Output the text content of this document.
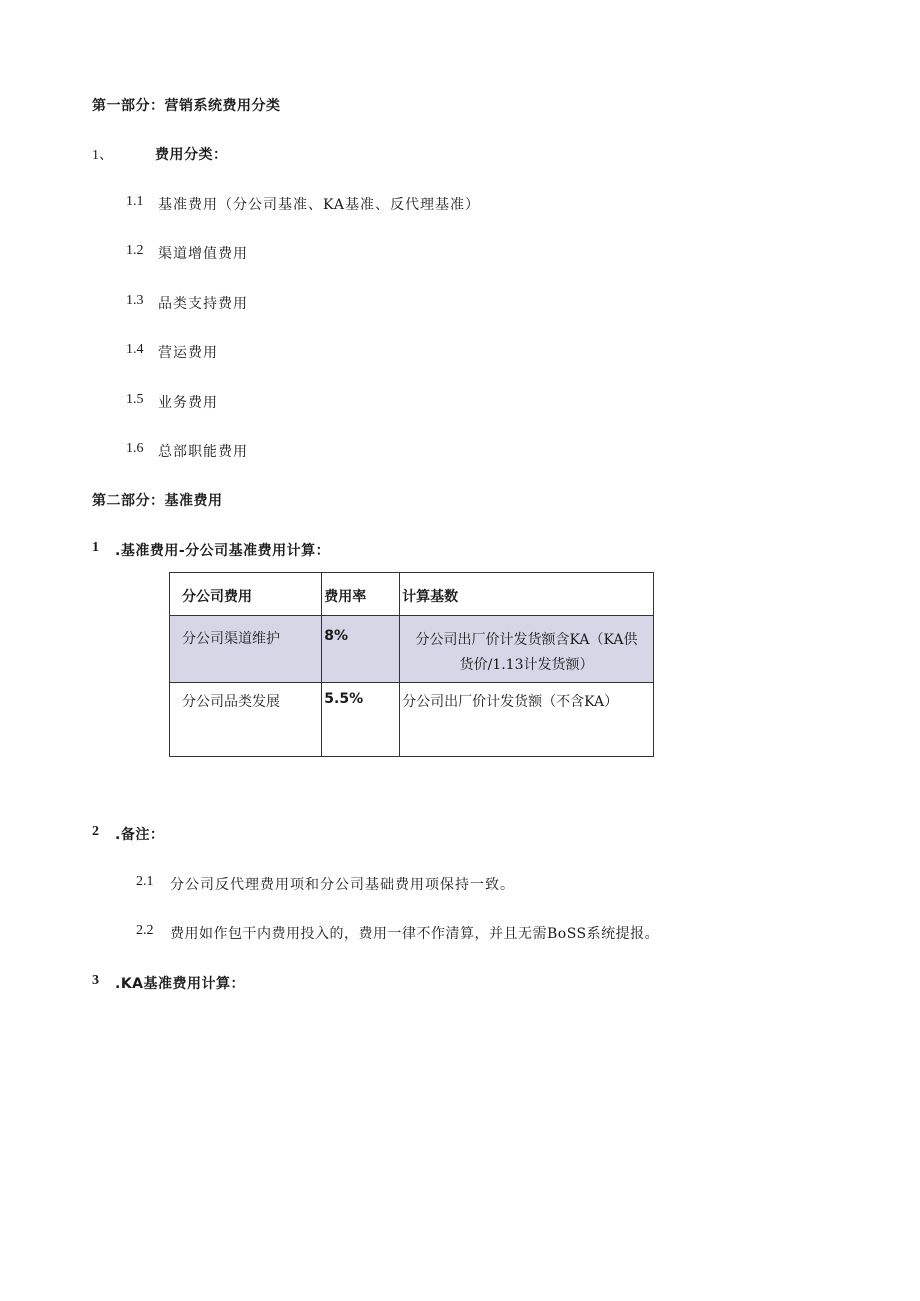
第一部分：营销系统费用分类
1、	费用分类：
1.1 基准费用（分公司基准、KA基准、反代理基准）
1.2 渠道增值费用
1.3 品类支持费用
1.4 营运费用
1.5 业务费用
1.6 总部职能费用
第二部分：基准费用
1 .基准费用-分公司基准费用计算：
分公司费用	费用率	计算基数

分公司渠道维护	8%	分公司出厂价计发货额含KA（KA供
货价/1.13计发货额）

分公司品类发展	5.5%	分公司出厂价计发货额（不含KA）
2 .备注：
2.1 分公司反代理费用项和分公司基础费用项保持一致。
2.2 费用如作包干内费用投入的，费用一律不作清算，并且无需BoSS系统提报。
3 .KA基准费用计算：
